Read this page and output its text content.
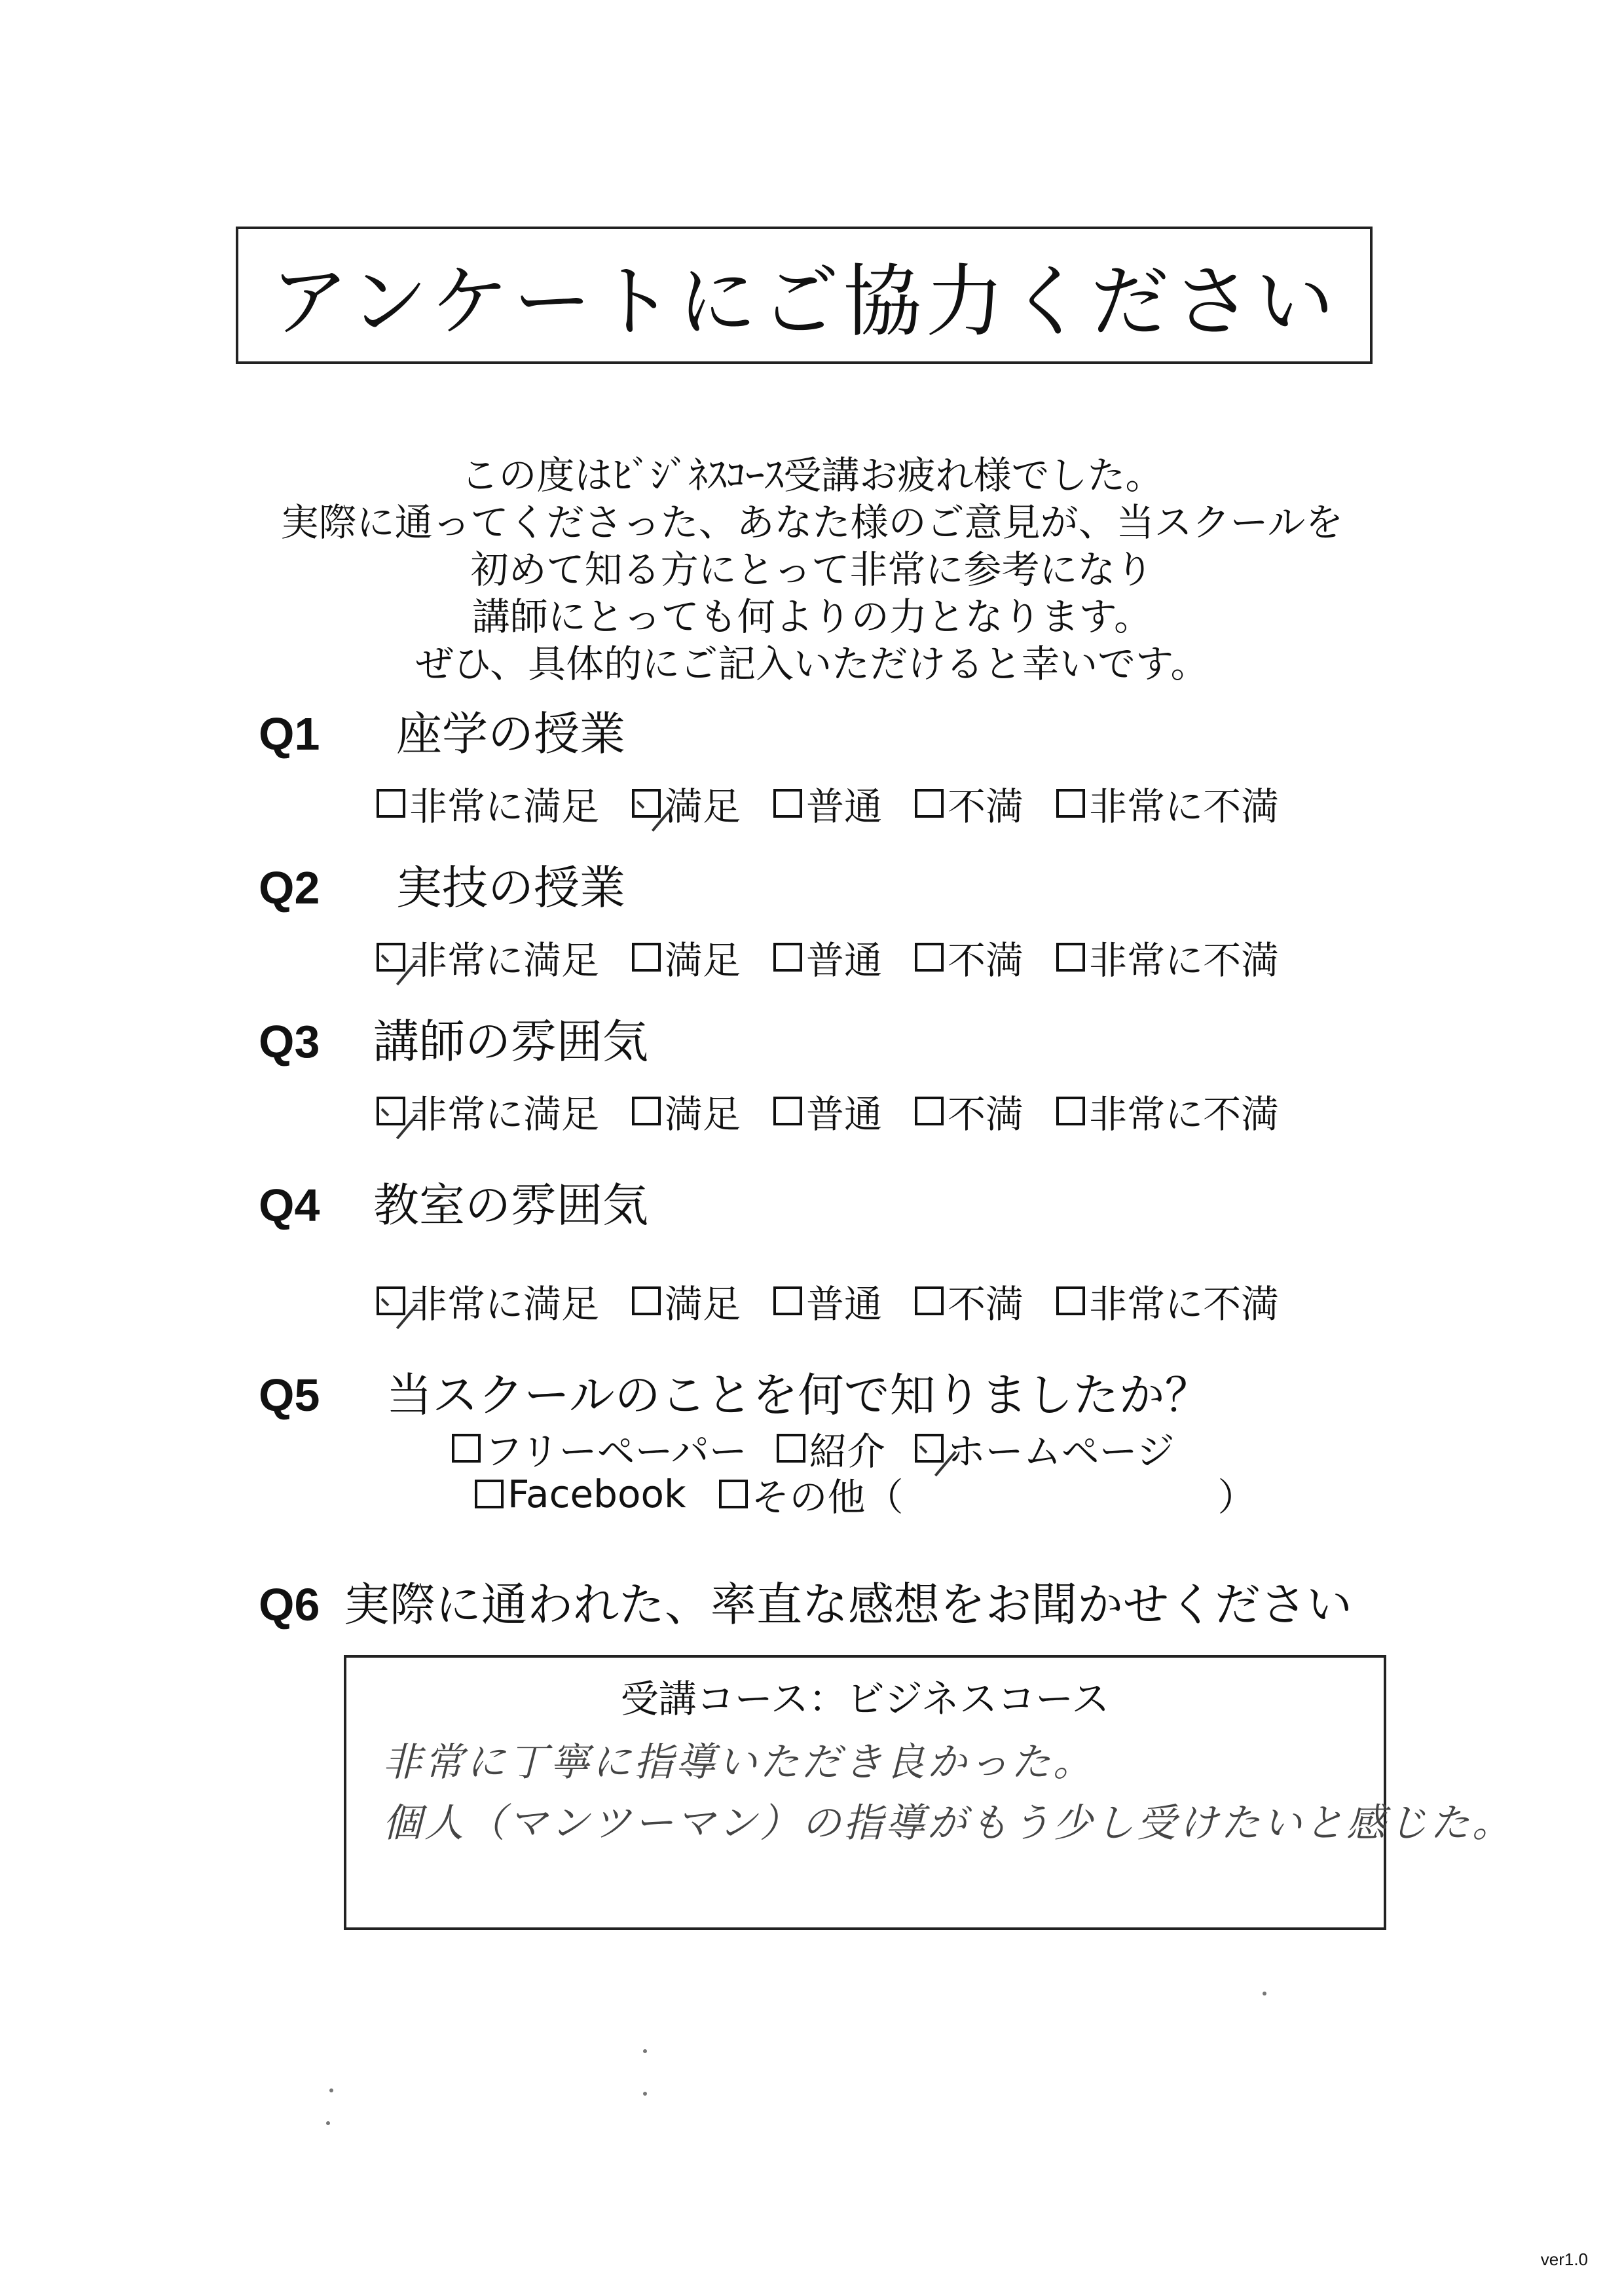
アンケートにご協力ください
この度はﾋﾞｼﾞﾈｽｺｰｽ受講お疲れ様でした。
実際に通ってくださった、あなた様のご意見が、当スクールを
初めて知る方にとって非常に参考になり
講師にとっても何よりの力となります。
ぜひ、具体的にご記入いただけると幸いです。
Q1 座学の授業
非常に満足 満足 普通 不満 非常に不満
Q2 実技の授業
非常に満足 満足 普通 不満 非常に不満
Q3 講師の雰囲気
非常に満足 満足 普通 不満 非常に不満
Q4 教室の雰囲気
非常に満足 満足 普通 不満 非常に不満
Q5 当スクールのことを何で知りましたか？
フリーペーパー 紹介 ホームページ
Facebook その他（	）
Q6 実際に通われた、率直な感想をお聞かせください
受講コース：ビジネスコース
非常に丁寧に指導いただき良かった。
個人（マンツーマン）の指導がもう少し受けたいと感じた。
ver1.0
